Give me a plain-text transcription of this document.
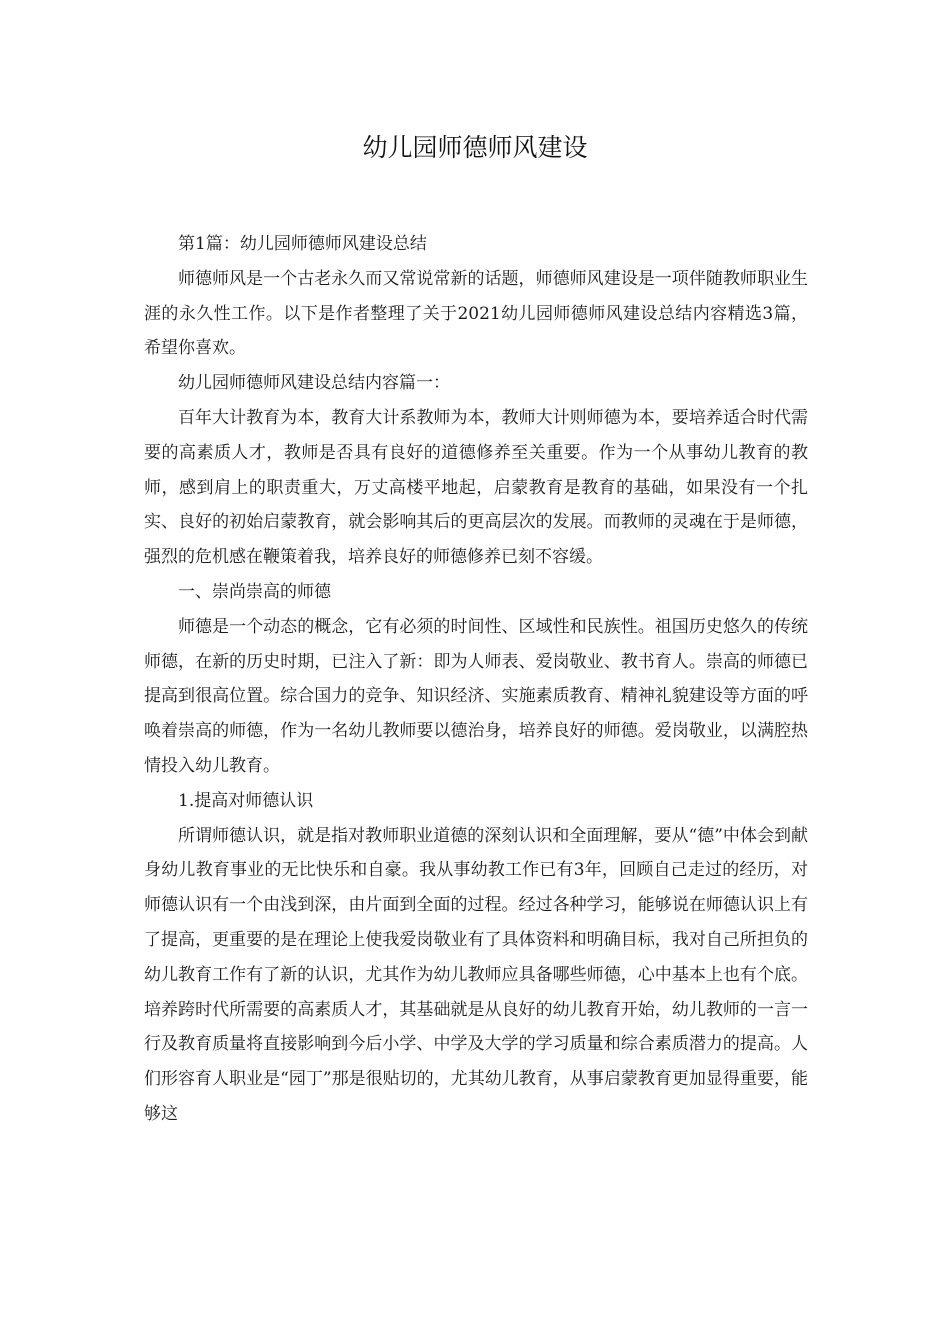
幼儿园师德师风建设

第1篇：幼儿园师德师风建设总结

师德师风是一个古老永久而又常说常新的话题，师德师风建设是一项伴随教师职业生涯的永久性工作。以下是作者整理了关于2021幼儿园师德师风建设总结内容精选3篇，希望你喜欢。

幼儿园师德师风建设总结内容篇一：

百年大计教育为本，教育大计系教师为本，教师大计则师德为本，要培养适合时代需要的高素质人才，教师是否具有良好的道德修养至关重要。作为一个从事幼儿教育的教师，感到肩上的职责重大，万丈高楼平地起，启蒙教育是教育的基础，如果没有一个扎实、良好的初始启蒙教育，就会影响其后的更高层次的发展。而教师的灵魂在于是师德，强烈的危机感在鞭策着我，培养良好的师德修养已刻不容缓。

一、崇尚崇高的师德

师德是一个动态的概念，它有必须的时间性、区域性和民族性。祖国历史悠久的传统师德，在新的历史时期，已注入了新：即为人师表、爱岗敬业、教书育人。崇高的师德已提高到很高位置。综合国力的竞争、知识经济、实施素质教育、精神礼貌建设等方面的呼唤着崇高的师德，作为一名幼儿教师要以德治身，培养良好的师德。爱岗敬业，以满腔热情投入幼儿教育。

1.提高对师德认识

所谓师德认识，就是指对教师职业道德的深刻认识和全面理解，要从“德”中体会到献身幼儿教育事业的无比快乐和自豪。我从事幼教工作已有3年，回顾自己走过的经历，对师德认识有一个由浅到深，由片面到全面的过程。经过各种学习，能够说在师德认识上有了提高，更重要的是在理论上使我爱岗敬业有了具体资料和明确目标，我对自己所担负的幼儿教育工作有了新的认识，尤其作为幼儿教师应具备哪些师德，心中基本上也有个底。培养跨时代所需要的高素质人才，其基础就是从良好的幼儿教育开始，幼儿教师的一言一行及教育质量将直接影响到今后小学、中学及大学的学习质量和综合素质潜力的提高。人们形容育人职业是“园丁”那是很贴切的，尤其幼儿教育，从事启蒙教育更加显得重要，能够这
